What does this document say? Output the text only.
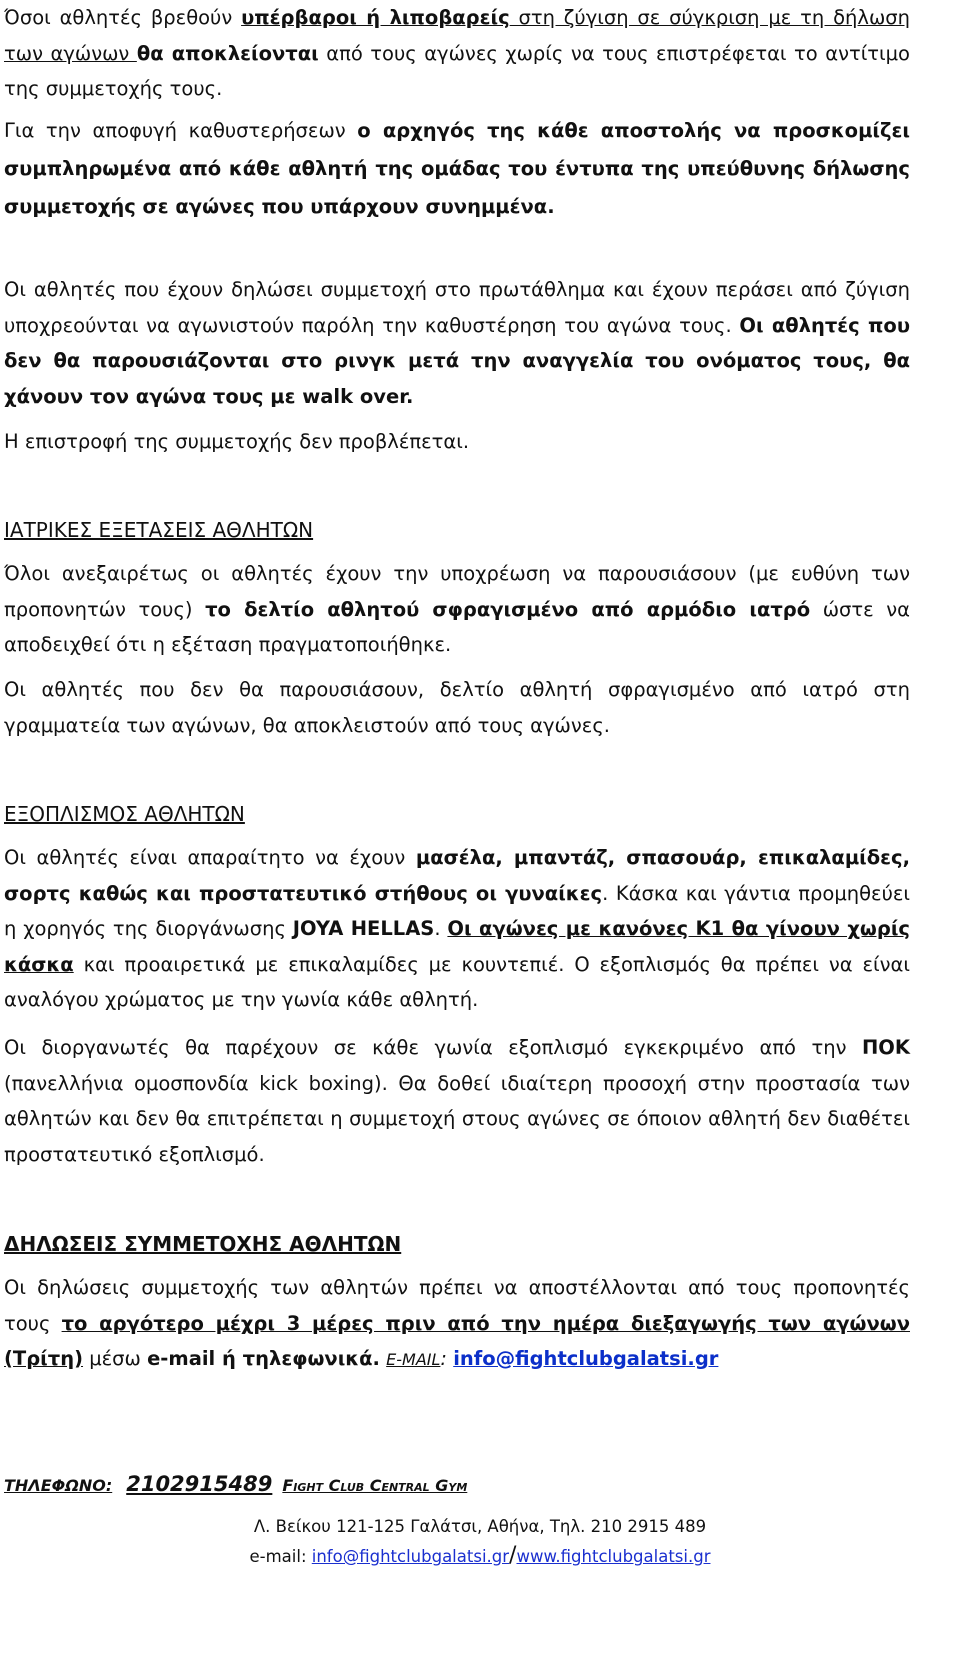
Όσοι αθλητές βρεθούν υπέρβαροι ή λιποβαρείς στη ζύγιση σε σύγκριση με τη δήλωση των αγώνων θα αποκλείονται από τους αγώνες χωρίς να τους επιστρέφεται το αντίτιμο της συμμετοχής τους.

Για την αποφυγή καθυστερήσεων ο αρχηγός της κάθε αποστολής να προσκομίζει συμπληρωμένα από κάθε αθλητή της ομάδας του έντυπα της υπεύθυνης δήλωσης συμμετοχής σε αγώνες που υπάρχουν συνημμένα.

Οι αθλητές που έχουν δηλώσει συμμετοχή στο πρωτάθλημα και έχουν περάσει από ζύγιση υποχρεούνται να αγωνιστούν παρόλη την καθυστέρηση του αγώνα τους. Οι αθλητές που δεν θα παρουσιάζονται στο ρινγκ μετά την αναγγελία του ονόματος τους, θα χάνουν τον αγώνα τους με walk over.

Η επιστροφή της συμμετοχής δεν προβλέπεται.

ΙΑΤΡΙΚΕΣ ΕΞΕΤΑΣΕΙΣ ΑΘΛΗΤΩΝ

Όλοι ανεξαιρέτως οι αθλητές έχουν την υποχρέωση να παρουσιάσουν (με ευθύνη των προπονητών τους) το δελτίο αθλητού σφραγισμένο από αρμόδιο ιατρό ώστε να αποδειχθεί ότι η εξέταση πραγματοποιήθηκε.

Οι αθλητές που δεν θα παρουσιάσουν, δελτίο αθλητή σφραγισμένο από ιατρό στη γραμματεία των αγώνων, θα αποκλειστούν από τους αγώνες.

ΕΞΟΠΛΙΣΜΟΣ ΑΘΛΗΤΩΝ

Οι αθλητές είναι απαραίτητο να έχουν μασέλα, μπαντάζ, σπασουάρ, επικαλαμίδες, σορτς καθώς και προστατευτικό στήθους οι γυναίκες. Κάσκα και γάντια προμηθεύει η χορηγός της διοργάνωσης JOYA HELLAS. Οι αγώνες με κανόνες Κ1 θα γίνουν χωρίς κάσκα και προαιρετικά με επικαλαμίδες με κουντεπιέ. Ο εξοπλισμός θα πρέπει να είναι αναλόγου χρώματος με την γωνία κάθε αθλητή.

Οι διοργανωτές θα παρέχουν σε κάθε γωνία εξοπλισμό εγκεκριμένο από την ΠΟΚ (πανελλήνια ομοσπονδία kick boxing). Θα δοθεί ιδιαίτερη προσοχή στην προστασία των αθλητών και δεν θα επιτρέπεται η συμμετοχή στους αγώνες σε όποιον αθλητή δεν διαθέτει προστατευτικό εξοπλισμό.

ΔΗΛΩΣΕΙΣ ΣΥΜΜΕΤΟΧΗΣ ΑΘΛΗΤΩΝ

Οι δηλώσεις συμμετοχής των αθλητών πρέπει να αποστέλλονται από τους προπονητές τους το αργότερο μέχρι 3 μέρες πριν από την ημέρα διεξαγωγής των αγώνων (Τρίτη) μέσω e-mail ή τηλεφωνικά. E-MAIL: info@fightclubgalatsi.gr

ΤΗΛΕΦΩΝΟ: 2102915489 Fight Club Central Gym

Λ. Βείκου 121-125 Γαλάτσι, Αθήνα, Τηλ. 210 2915 489
e-mail: info@fightclubgalatsi.gr/www.fightclubgalatsi.gr
